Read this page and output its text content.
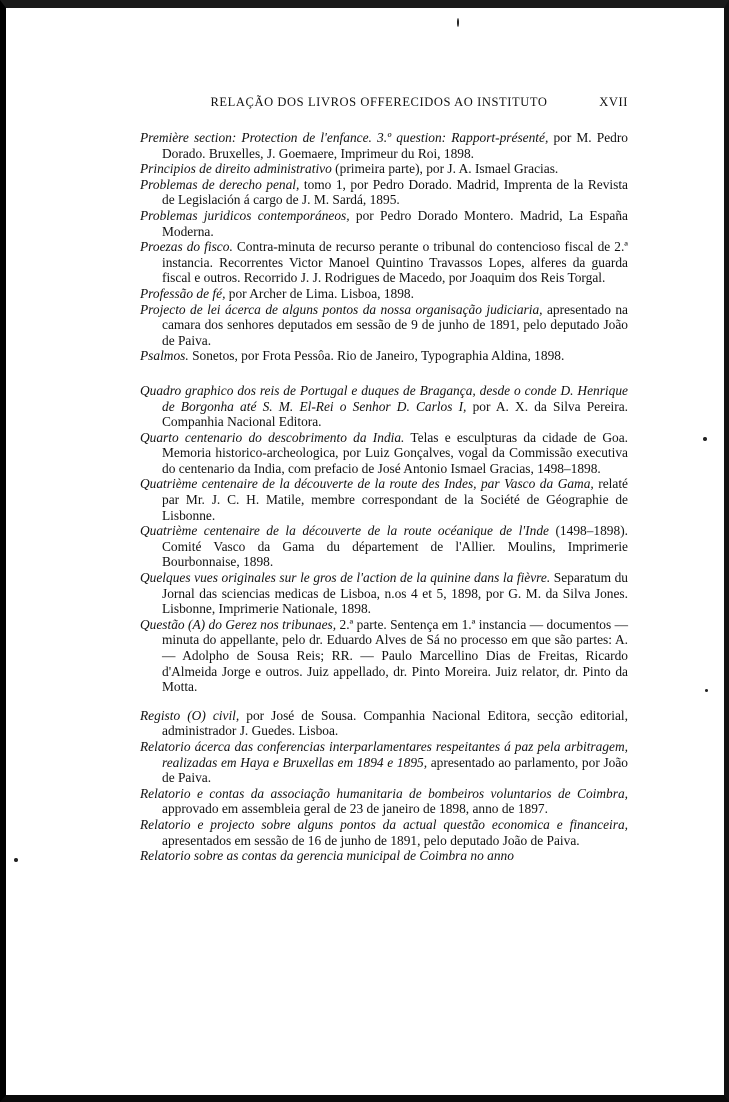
RELAÇÃO DOS LIVROS OFFERECIDOS AO INSTITUTO	XVII

Première section: Protection de l'enfance. 3.º question: Rapport-présenté, por M. Pedro Dorado. Bruxelles, J. Goemaere, Imprimeur du Roi, 1898.

Principios de direito administrativo (primeira parte), por J. A. Ismael Gracias.

Problemas de derecho penal, tomo 1, por Pedro Dorado. Madrid, Imprenta de la Revista de Legislación á cargo de J. M. Sardá, 1895.

Problemas juridicos contemporáneos, por Pedro Dorado Montero. Madrid, La España Moderna.

Proezas do fisco. Contra-minuta de recurso perante o tribunal do contencioso fiscal de 2.ª instancia. Recorrentes Victor Manoel Quintino Travassos Lopes, alferes da guarda fiscal e outros. Recorrido J. J. Rodrigues de Macedo, por Joaquim dos Reis Torgal.

Professão de fé, por Archer de Lima. Lisboa, 1898.

Projecto de lei ácerca de alguns pontos da nossa organisação judiciaria, apresentado na camara dos senhores deputados em sessão de 9 de junho de 1891, pelo deputado João de Paiva.

Psalmos. Sonetos, por Frota Pessôa. Rio de Janeiro, Typographia Aldina, 1898.

Quadro graphico dos reis de Portugal e duques de Bragança, desde o conde D. Henrique de Borgonha até S. M. El-Rei o Senhor D. Carlos I, por A. X. da Silva Pereira. Companhia Nacional Editora.

Quarto centenario do descobrimento da India. Telas e esculpturas da cidade de Goa. Memoria historico-archeologica, por Luiz Gonçalves, vogal da Commissão executiva do centenario da India, com prefacio de José Antonio Ismael Gracias, 1498–1898.

Quatrième centenaire de la découverte de la route des Indes, par Vasco da Gama, relaté par Mr. J. C. H. Matile, membre correspondant de la Société de Géographie de Lisbonne.

Quatrième centenaire de la découverte de la route océanique de l'Inde (1498–1898). Comité Vasco da Gama du département de l'Allier. Moulins, Imprimerie Bourbonnaise, 1898.

Quelques vues originales sur le gros de l'action de la quinine dans la fièvre. Separatum du Jornal das sciencias medicas de Lisboa, n.os 4 et 5, 1898, por G. M. da Silva Jones. Lisbonne, Imprimerie Nationale, 1898.

Questão (A) do Gerez nos tribunaes, 2.ª parte. Sentença em 1.ª instancia — documentos — minuta do appellante, pelo dr. Eduardo Alves de Sá no processo em que são partes: A. — Adolpho de Sousa Reis; RR. — Paulo Marcellino Dias de Freitas, Ricardo d'Almeida Jorge e outros. Juiz appellado, dr. Pinto Moreira. Juiz relator, dr. Pinto da Motta.

Registo (O) civil, por José de Sousa. Companhia Nacional Editora, secção editorial, administrador J. Guedes. Lisboa.

Relatorio ácerca das conferencias interparlamentares respeitantes á paz pela arbitragem, realizadas em Haya e Bruxellas em 1894 e 1895, apresentado ao parlamento, por João de Paiva.

Relatorio e contas da associação humanitaria de bombeiros voluntarios de Coimbra, approvado em assembleia geral de 23 de janeiro de 1898, anno de 1897.

Relatorio e projecto sobre alguns pontos da actual questão economica e financeira, apresentados em sessão de 16 de junho de 1891, pelo deputado João de Paiva.

Relatorio sobre as contas da gerencia municipal de Coimbra no anno
